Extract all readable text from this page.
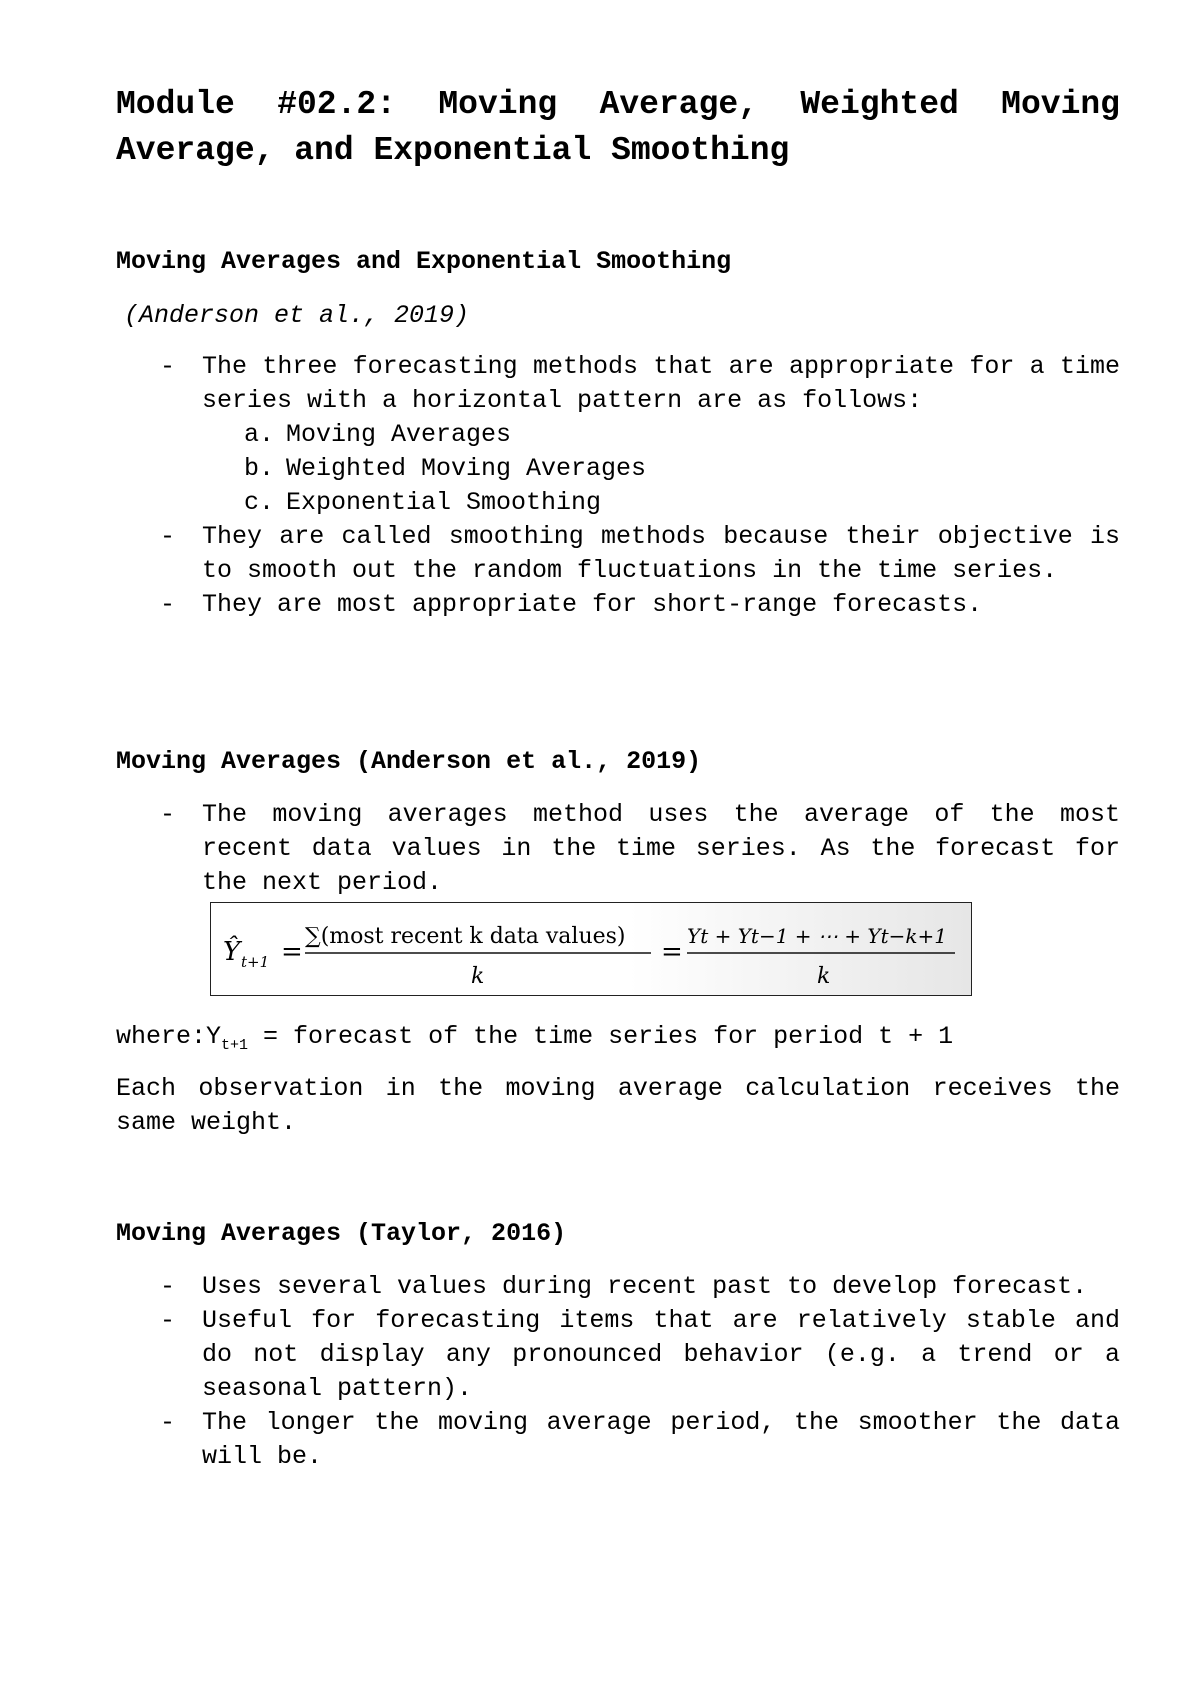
Module #02.2: Moving Average, Weighted Moving Average, and Exponential Smoothing
Moving Averages and Exponential Smoothing

(Anderson et al., 2019)

- The three forecasting methods that are appropriate for a time series with a horizontal pattern are as follows:
a. Moving Averages
b. Weighted Moving Averages
c. Exponential Smoothing
- They are called smoothing methods because their objective is to smooth out the random fluctuations in the time series.
- They are most appropriate for short-range forecasts.
Moving Averages (Anderson et al., 2019)
- The moving averages method uses the average of the most recent data values in the time series. As the forecast for the next period.
Ŷ t+1 =
∑(most recent k data values)
k
=
Yt + Yt−1 + ⋯ + Yt−k+1
k

$where:Y_{t+1}$ = forecast of the time series for period t + 1

Each observation in the moving average calculation receives the same weight.

Moving Averages (Taylor, 2016)
- Uses several values during recent past to develop forecast.
- Useful for forecasting items that are relatively stable and do not display any pronounced behavior (e.g. a trend or a seasonal pattern).
- The longer the moving average period, the smoother the data will be.
